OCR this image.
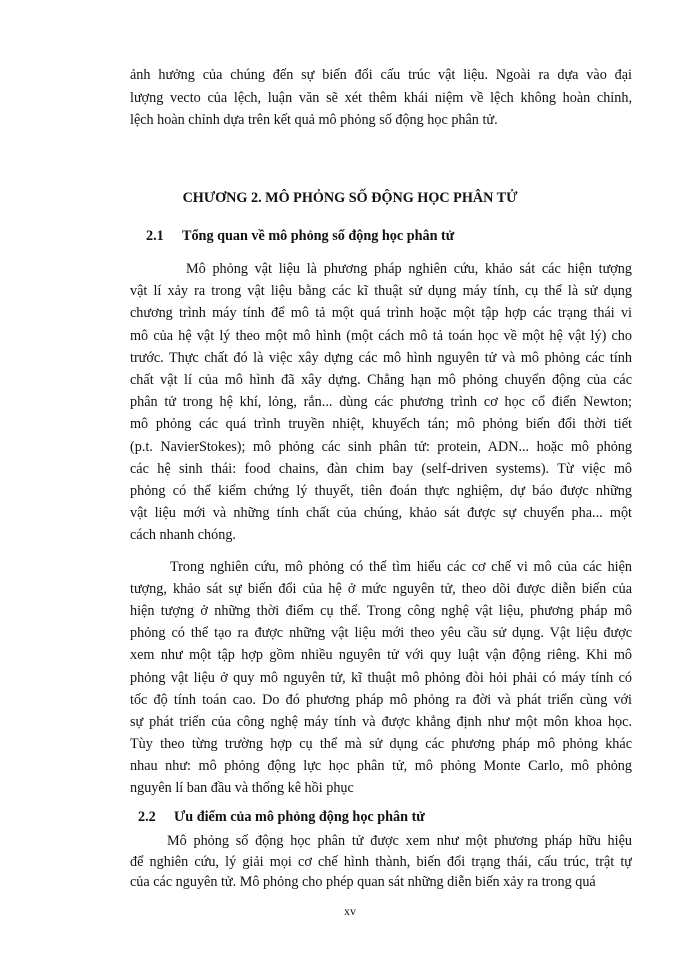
CHƯƠNG 2. MÔ PHỎNG SỐ ĐỘNG HỌC PHÂN TỬ
2.1 Tổng quan về mô phỏng số động học phân tử
2.2 Ưu điểm của mô phỏng động học phân tử
xv
ảnh hưởng của chúng đến sự biến đổi cấu trúc vật liệu. Ngoài ra dựa vào đại
lượng vecto của lệch, luận văn sẽ xét thêm khái niệm về lệch không hoàn chỉnh,
lệch hoàn chỉnh dựa trên kết quả mô phỏng số động học phân tử.
Mô phỏng vật liệu là phương pháp nghiên cứu, khảo sát các hiện tượng
vật lí xảy ra trong vật liệu bằng các kĩ thuật sử dụng máy tính, cụ thể là sử dụng
chương trình máy tính để mô tả một quá trình hoặc một tập hợp các trạng thái vi
mô của hệ vật lý theo một mô hình (một cách mô tả toán học về một hệ vật lý) cho
trước. Thực chất đó là việc xây dựng các mô hình nguyên tử và mô phỏng các tính
chất vật lí của mô hình đã xây dựng. Chẳng hạn mô phỏng chuyển động của các
phân tử trong hệ khí, lỏng, rắn... dùng các phương trình cơ học cổ điển Newton;
mô phỏng các quá trình truyền nhiệt, khuyếch tán; mô phỏng biến đổi thời tiết
(p.t. NavierStokes); mô phỏng các sinh phân tử: protein, ADN... hoặc mô phỏng
các hệ sinh thái: food chains, đàn chim bay (self-driven systems). Từ việc mô
phỏng có thể kiểm chứng lý thuyết, tiên đoán thực nghiệm, dự báo được những
vật liệu mới và những tính chất của chúng, khảo sát được sự chuyển pha... một
cách nhanh chóng.
Trong nghiên cứu, mô phỏng có thể tìm hiểu các cơ chế vi mô của các hiện
tượng, khảo sát sự biến đổi của hệ ở mức nguyên tử, theo dõi được diễn biến của
hiện tượng ở những thời điểm cụ thể. Trong công nghệ vật liệu, phương pháp mô
phỏng có thể tạo ra được những vật liệu mới theo yêu cầu sử dụng. Vật liệu được
xem như một tập hợp gồm nhiều nguyên tử với quy luật vận động riêng. Khi mô
phỏng vật liệu ở quy mô nguyên tử, kĩ thuật mô phỏng đòi hỏi phải có máy tính có
tốc độ tính toán cao. Do đó phương pháp mô phỏng ra đời và phát triển cùng với
sự phát triển của công nghệ máy tính và được khẳng định như một môn khoa học.
Tùy theo từng trường hợp cụ thể mà sử dụng các phương pháp mô phỏng khác
nhau như: mô phỏng động lực học phân tử, mô phỏng Monte Carlo, mô phỏng
nguyên lí ban đầu và thống kê hồi phục
Mô phỏng số động học phân tử được xem như một phương pháp hữu hiệu
để nghiên cứu, lý giải mọi cơ chế hình thành, biến đổi trạng thái, cấu trúc, trật tự
của các nguyên tử. Mô phỏng cho phép quan sát những diễn biến xảy ra trong quá
